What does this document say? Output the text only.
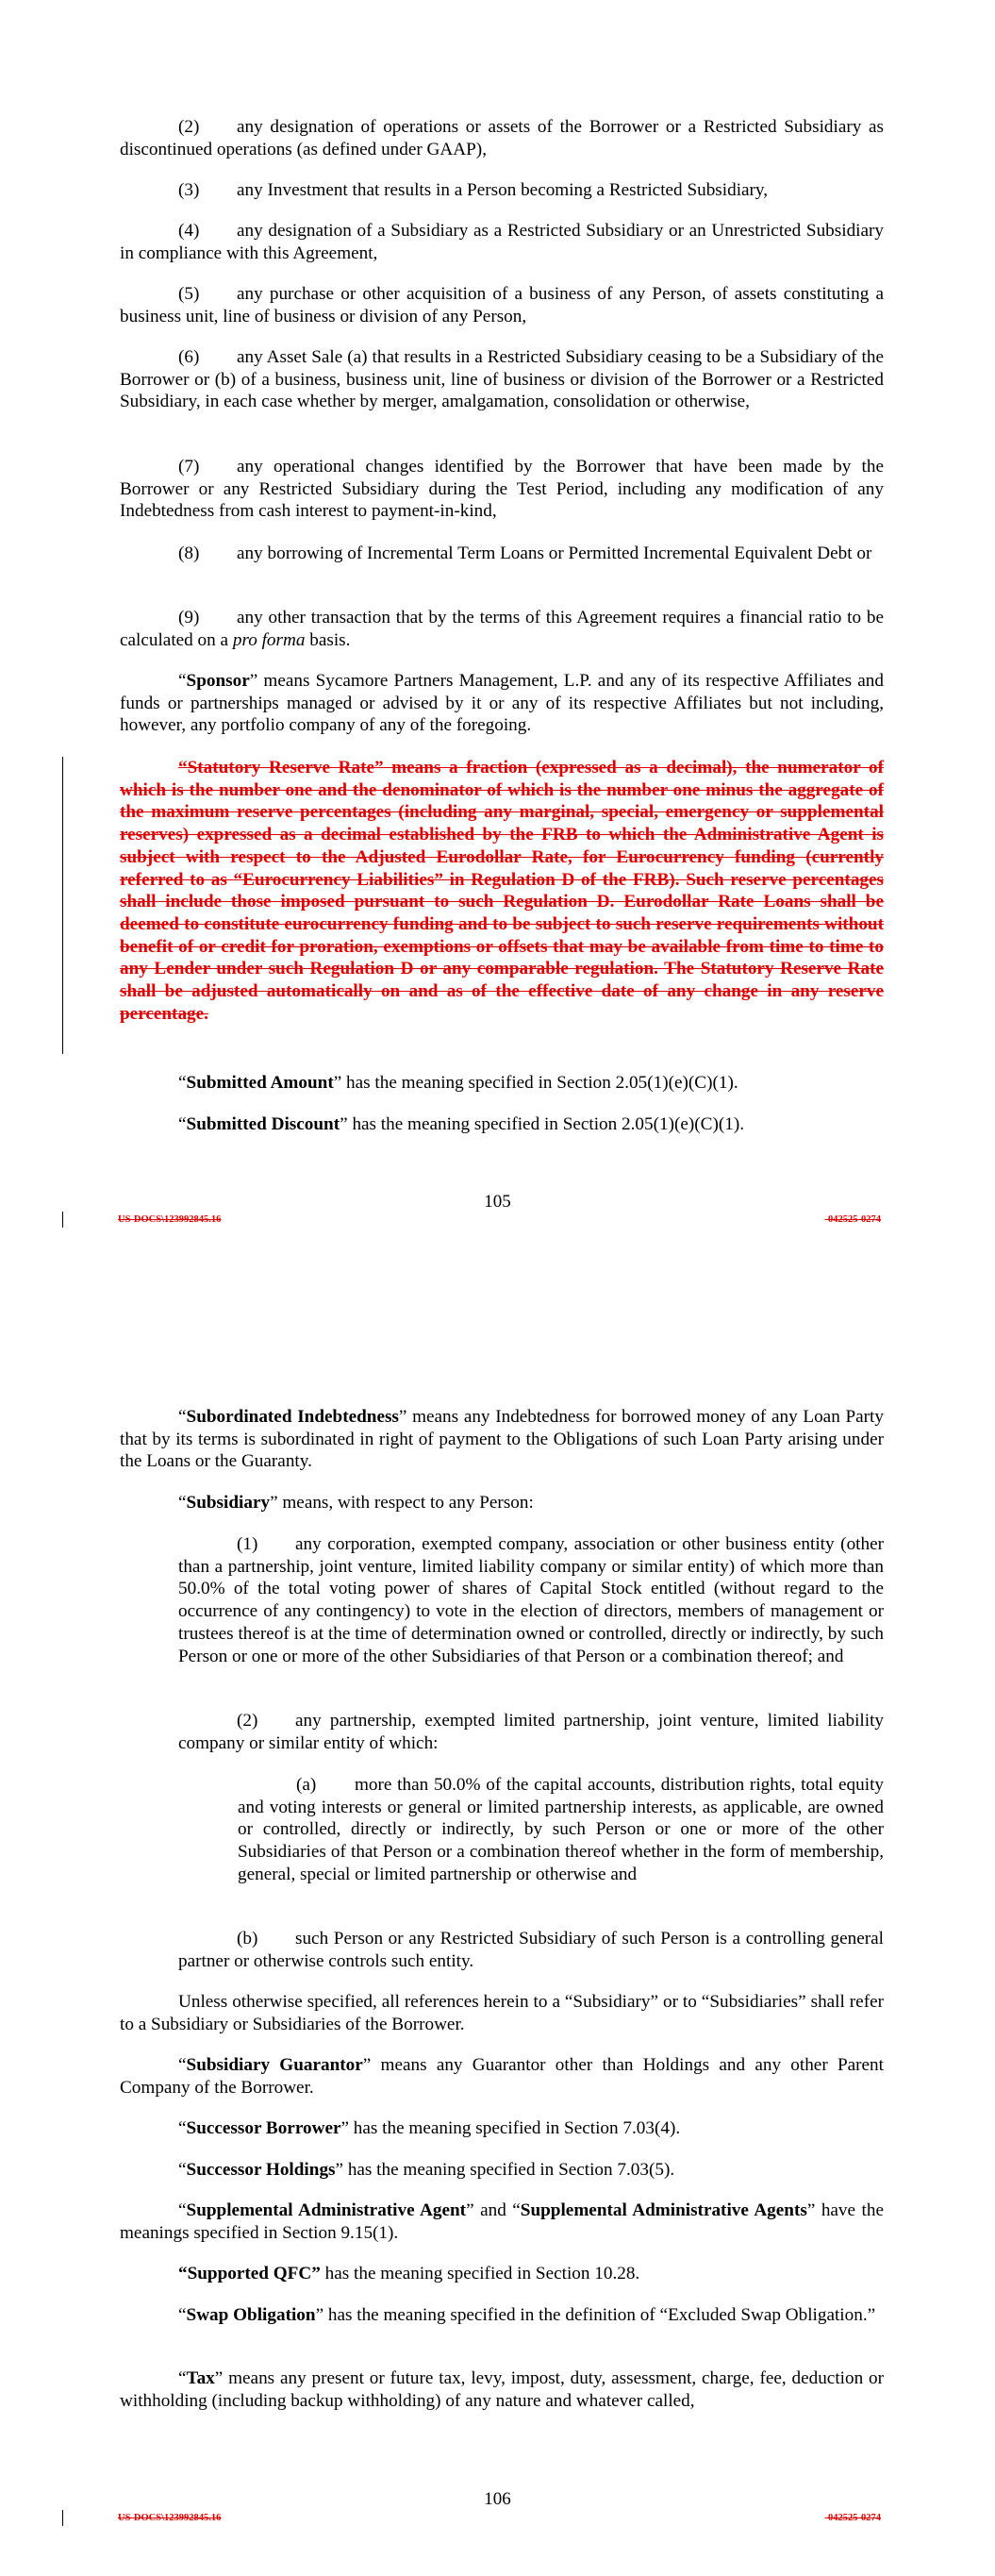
(2) any designation of operations or assets of the Borrower or a Restricted Subsidiary as discontinued operations (as defined under GAAP),

(3) any Investment that results in a Person becoming a Restricted Subsidiary,

(4) any designation of a Subsidiary as a Restricted Subsidiary or an Unrestricted Subsidiary in compliance with this Agreement,

(5) any purchase or other acquisition of a business of any Person, of assets constituting a business unit, line of business or division of any Person,

(6) any Asset Sale (a) that results in a Restricted Subsidiary ceasing to be a Subsidiary of the Borrower or (b) of a business, business unit, line of business or division of the Borrower or a Restricted Subsidiary, in each case whether by merger, amalgamation, consolidation or otherwise,

(7) any operational changes identified by the Borrower that have been made by the Borrower or any Restricted Subsidiary during the Test Period, including any modification of any Indebtedness from cash interest to payment-in-kind,

(8) any borrowing of Incremental Term Loans or Permitted Incremental Equivalent Debt or

(9) any other transaction that by the terms of this Agreement requires a financial ratio to be calculated on a pro forma basis.

“Sponsor” means Sycamore Partners Management, L.P. and any of its respective Affiliates and funds or partnerships managed or advised by it or any of its respective Affiliates but not including, however, any portfolio company of any of the foregoing.

“Statutory Reserve Rate” means a fraction (expressed as a decimal), the numerator of which is the number one and the denominator of which is the number one minus the aggregate of the maximum reserve percentages (including any marginal, special, emergency or supplemental reserves) expressed as a decimal established by the FRB to which the Administrative Agent is subject with respect to the Adjusted Eurodollar Rate, for Eurocurrency funding (currently referred to as “Eurocurrency Liabilities” in Regulation D of the FRB). Such reserve percentages shall include those imposed pursuant to such Regulation D. Eurodollar Rate Loans shall be deemed to constitute eurocurrency funding and to be subject to such reserve requirements without benefit of or credit for proration, exemptions or offsets that may be available from time to time to any Lender under such Regulation D or any comparable regulation. The Statutory Reserve Rate shall be adjusted automatically on and as of the effective date of any change in any reserve percentage.

“Submitted Amount” has the meaning specified in Section 2.05(1)(e)(C)(1).

“Submitted Discount” has the meaning specified in Section 2.05(1)(e)(C)(1).

105
US-DOCS\123992845.16	-042525-0274

“Subordinated Indebtedness” means any Indebtedness for borrowed money of any Loan Party that by its terms is subordinated in right of payment to the Obligations of such Loan Party arising under the Loans or the Guaranty.

“Subsidiary” means, with respect to any Person:

(1) any corporation, exempted company, association or other business entity (other than a partnership, joint venture, limited liability company or similar entity) of which more than 50.0% of the total voting power of shares of Capital Stock entitled (without regard to the occurrence of any contingency) to vote in the election of directors, members of management or trustees thereof is at the time of determination owned or controlled, directly or indirectly, by such Person or one or more of the other Subsidiaries of that Person or a combination thereof; and

(2) any partnership, exempted limited partnership, joint venture, limited liability company or similar entity of which:

(a) more than 50.0% of the capital accounts, distribution rights, total equity and voting interests or general or limited partnership interests, as applicable, are owned or controlled, directly or indirectly, by such Person or one or more of the other Subsidiaries of that Person or a combination thereof whether in the form of membership, general, special or limited partnership or otherwise and

(b) such Person or any Restricted Subsidiary of such Person is a controlling general partner or otherwise controls such entity.

Unless otherwise specified, all references herein to a “Subsidiary” or to “Subsidiaries” shall refer to a Subsidiary or Subsidiaries of the Borrower.

“Subsidiary Guarantor” means any Guarantor other than Holdings and any other Parent Company of the Borrower.

“Successor Borrower” has the meaning specified in Section 7.03(4).

“Successor Holdings” has the meaning specified in Section 7.03(5).

“Supplemental Administrative Agent” and “Supplemental Administrative Agents” have the meanings specified in Section 9.15(1).

“Supported QFC” has the meaning specified in Section 10.28.

“Swap Obligation” has the meaning specified in the definition of “Excluded Swap Obligation.”

“Tax” means any present or future tax, levy, impost, duty, assessment, charge, fee, deduction or withholding (including backup withholding) of any nature and whatever called,

106
US-DOCS\123992845.16	-042525-0274
